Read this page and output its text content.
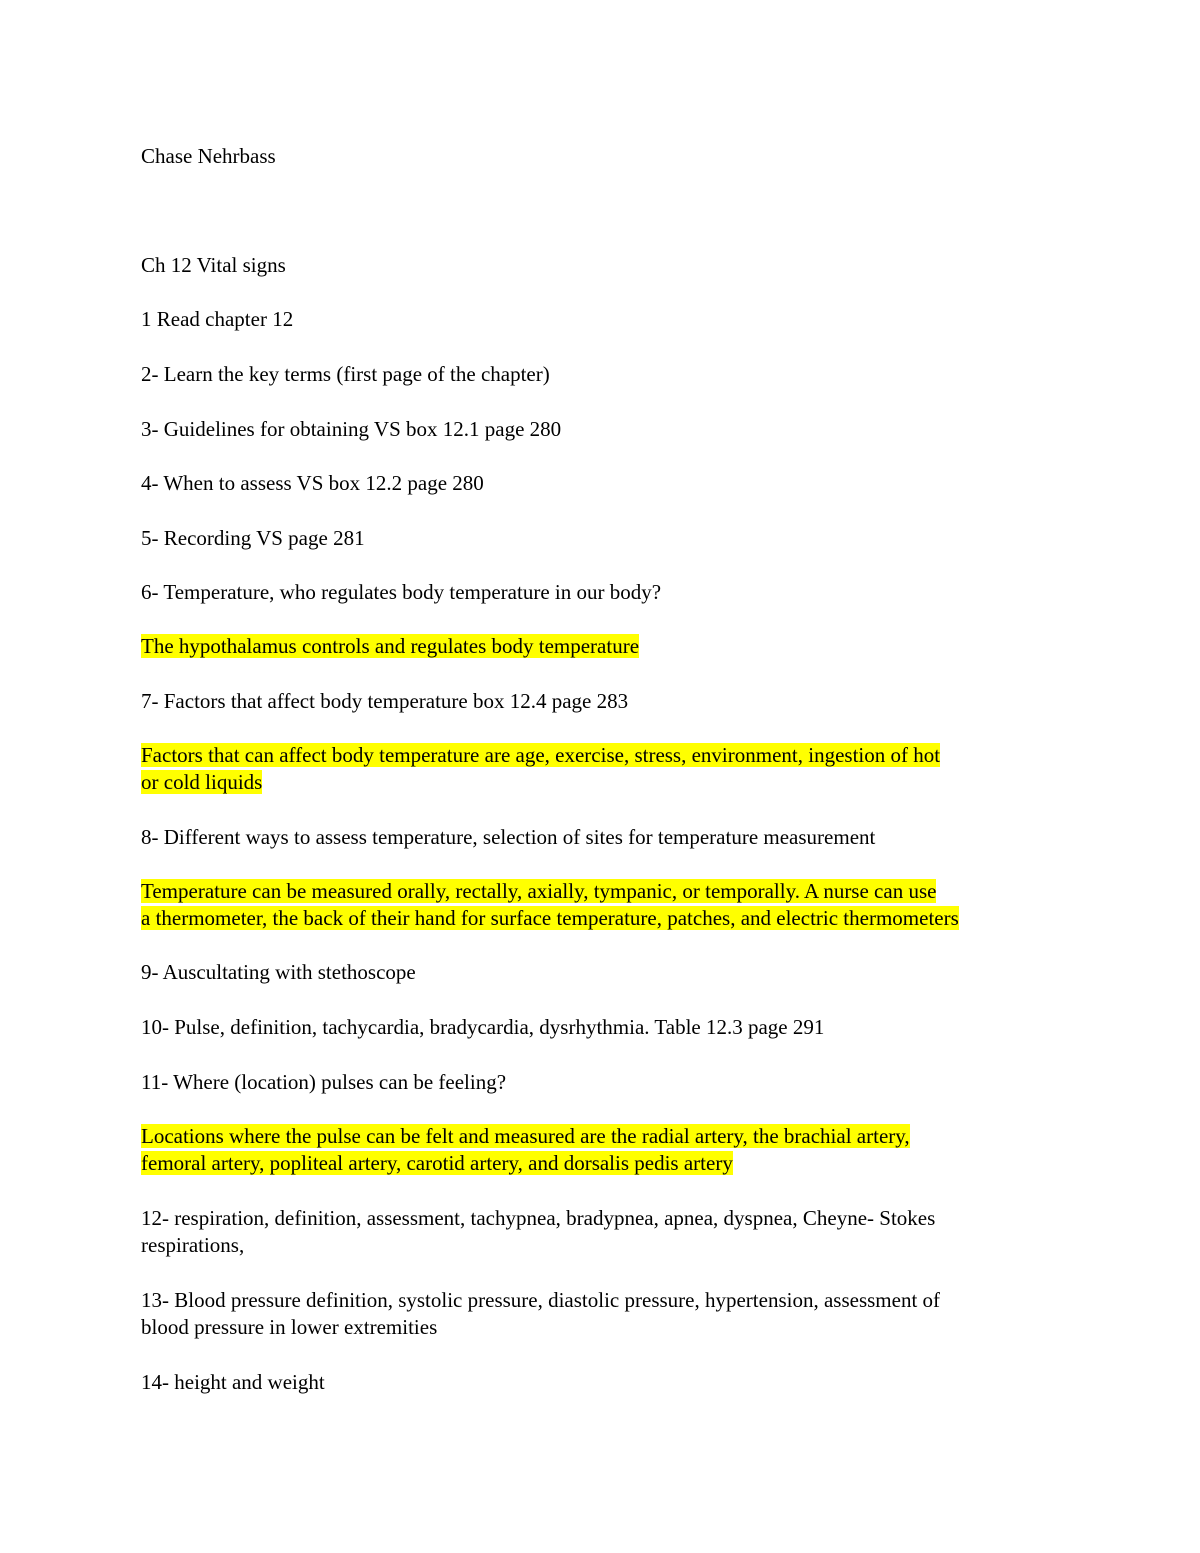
Chase Nehrbass

Ch 12 Vital signs

1 Read chapter 12

2- Learn the key terms (first page of the chapter)

3- Guidelines for obtaining VS box 12.1 page 280

4- When to assess VS box 12.2 page 280

5- Recording VS page 281

6- Temperature, who regulates body temperature in our body?

The hypothalamus controls and regulates body temperature

7- Factors that affect body temperature box 12.4 page 283

Factors that can affect body temperature are age, exercise, stress, environment, ingestion of hot

or cold liquids

8- Different ways to assess temperature, selection of sites for temperature measurement

Temperature can be measured orally, rectally, axially, tympanic, or temporally. A nurse can use

a thermometer, the back of their hand for surface temperature, patches, and electric thermometers

9- Auscultating with stethoscope

10- Pulse, definition, tachycardia, bradycardia, dysrhythmia. Table 12.3 page 291

11- Where (location) pulses can be feeling?

Locations where the pulse can be felt and measured are the radial artery, the brachial artery,

femoral artery, popliteal artery, carotid artery, and dorsalis pedis artery

12- respiration, definition, assessment, tachypnea, bradypnea, apnea, dyspnea, Cheyne- Stokes

respirations,

13- Blood pressure definition, systolic pressure, diastolic pressure, hypertension, assessment of

blood pressure in lower extremities

14- height and weight
